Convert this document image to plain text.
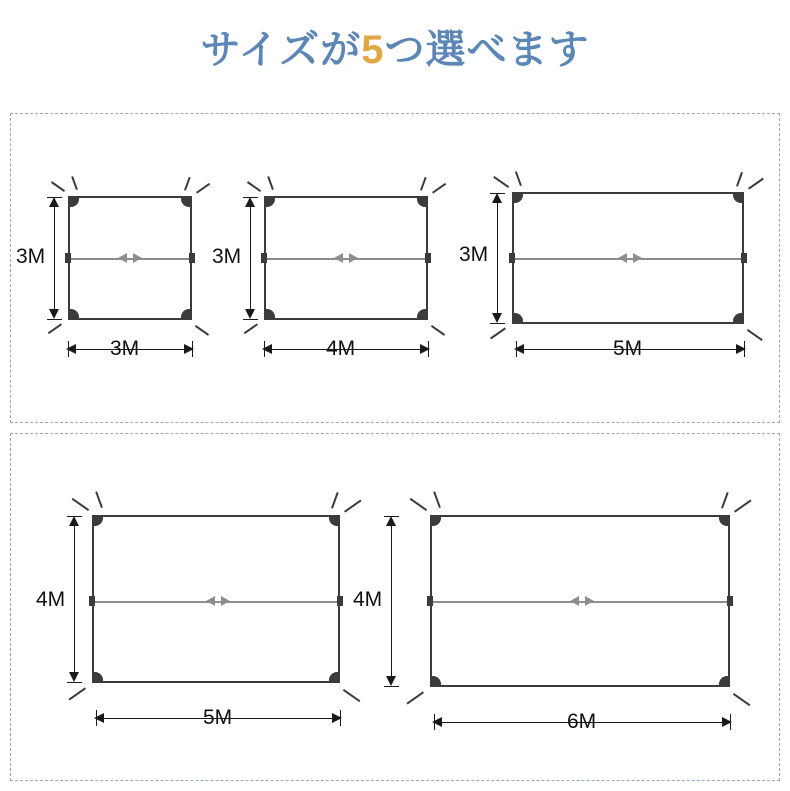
サイズが5つ選べます
3M
3M
3M
4M
3M
5M
4M
5M
4M
6M
